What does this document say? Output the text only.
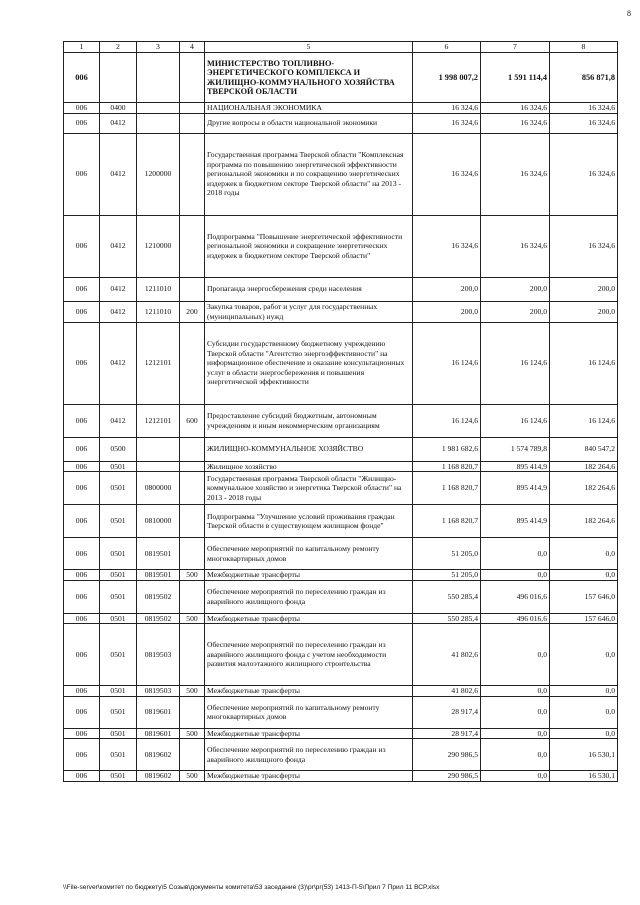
8
1	2	3	4	5	6	7	8
006				МИНИСТЕРСТВО ТОПЛИВНО-ЭНЕРГЕТИЧЕСКОГО КОМПЛЕКСА И ЖИЛИЩНО-КОММУНАЛЬНОГО ХОЗЯЙСТВА ТВЕРСКОЙ ОБЛАСТИ	1 998 007,2	1 591 114,4	856 871,8
006	0400			НАЦИОНАЛЬНАЯ ЭКОНОМИКА	16 324,6	16 324,6	16 324,6
006	0412			Другие вопросы в области национальной экономики	16 324,6	16 324,6	16 324,6
006	0412	1200000		Государственная программа Тверской области "Комплексная программа по повышению энергетической эффективности региональной экономики и по сокращению энергетических издержек в бюджетном секторе Тверской области" на 2013 - 2018 годы	16 324,6	16 324,6	16 324,6
006	0412	1210000		Подпрограмма "Повышение энергетической эффективности региональной экономики и сокращение энергетических издержек в бюджетном секторе Тверской области"	16 324,6	16 324,6	16 324,6
006	0412	1211010		Пропаганда энергосбережения среди населения	200,0	200,0	200,0
006	0412	1211010	200	Закупка товаров, работ и услуг для государственных (муниципальных) нужд	200,0	200,0	200,0
006	0412	1212101		Субсидии государственному бюджетному учреждению Тверской области "Агентство энергоэффективности" на информационное обеспечение и оказание консультационных услуг в области энергосбережения и повышения энергетической эффективности	16 124,6	16 124,6	16 124,6
006	0412	1212101	600	Предоставление субсидий бюджетным, автономным учреждениям и иным некоммерческим организациям	16 124,6	16 124,6	16 124,6
006	0500			ЖИЛИЩНО-КОММУНАЛЬНОЕ ХОЗЯЙСТВО	1 981 682,6	1 574 789,8	840 547,2
006	0501			Жилищное хозяйство	1 168 820,7	895 414,9	182 264,6
006	0501	0800000		Государственная программа Тверской области "Жилищно-коммунальное хозяйство и энергетика Тверской области" на 2013 - 2018 годы	1 168 820,7	895 414,9	182 264,6
006	0501	0810000		Подпрограмма "Улучшение условий проживания граждан Тверской области в существующем жилищном фонде"	1 168 820,7	895 414,9	182 264,6
006	0501	0819501		Обеспечение мероприятий по капитальному ремонту многоквартирных домов	51 205,0	0,0	0,0
006	0501	0819501	500	Межбюджетные трансферты	51 205,0	0,0	0,0
006	0501	0819502		Обеспечение мероприятий по переселению граждан из аварийного жилищного фонда	550 285,4	496 016,6	157 646,0
006	0501	0819502	500	Межбюджетные трансферты	550 285,4	496 016,6	157 646,0
006	0501	0819503		Обеспечение мероприятий по переселению граждан из аварийного жилищного фонда с учетом необходимости развития малоэтажного жилищного строительства	41 802,6	0,0	0,0
006	0501	0819503	500	Межбюджетные трансферты	41 802,6	0,0	0,0
006	0501	0819601		Обеспечение мероприятий по капитальному ремонту многоквартирных домов	28 917,4	0,0	0,0
006	0501	0819601	500	Межбюджетные трансферты	28 917,4	0,0	0,0
006	0501	0819602		Обеспечение мероприятий по переселению граждан из аварийного жилищного фонда	290 986,5	0,0	16 530,1
006	0501	0819602	500	Межбюджетные трансферты	290 986,5	0,0	16 530,1
\\File-server\комитет по бюджету\5 Созыв\документы комитета\53 заседание (3)\pr\pr(53) 1413-П-5\Прил 7 Прил 11 ВСР.xlsx
